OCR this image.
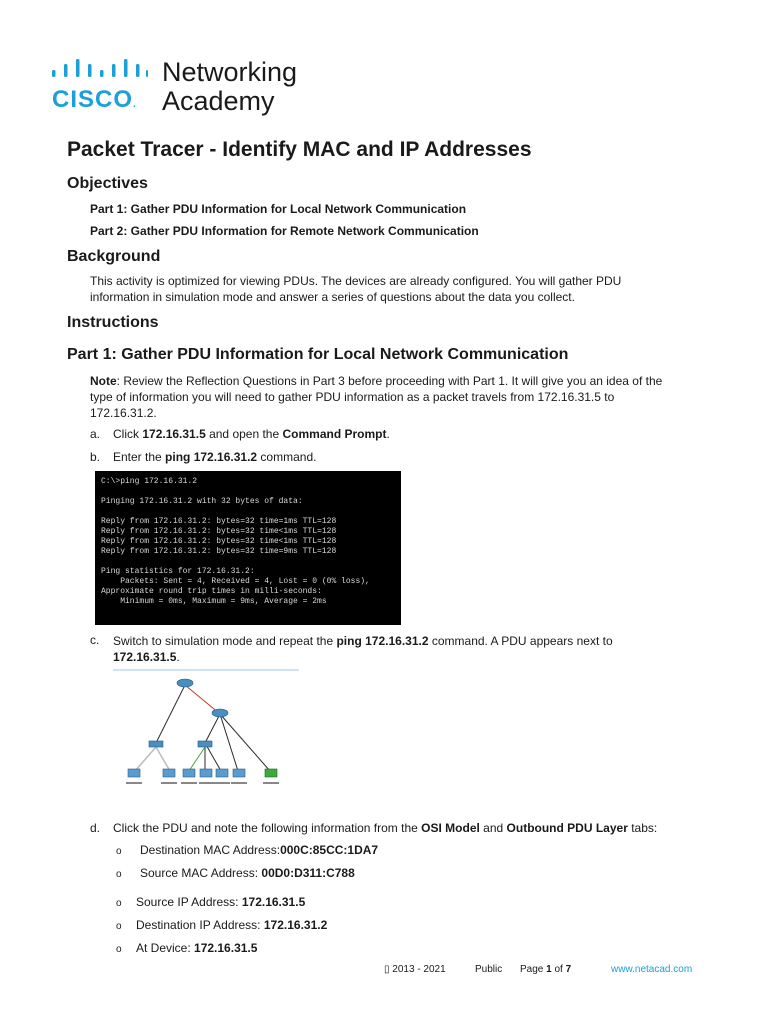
CISCO.
Networking
Academy
Packet Tracer - Identify MAC and IP Addresses
Objectives
Part 1: Gather PDU Information for Local Network Communication
Part 2: Gather PDU Information for Remote Network Communication
Background
This activity is optimized for viewing PDUs. The devices are already configured. You will gather PDU
information in simulation mode and answer a series of questions about the data you collect.
Instructions
Part 1: Gather PDU Information for Local Network Communication
Note: Review the Reflection Questions in Part 3 before proceeding with Part 1. It will give you an idea of the
type of information you will need to gather PDU information as a packet travels from 172.16.31.5 to
172.16.31.2.
a. Click 172.16.31.5 and open the Command Prompt.
b. Enter the ping 172.16.31.2 command.
C:\>ping 172.16.31.2
Pinging 172.16.31.2 with 32 bytes of data:
Reply from 172.16.31.2: bytes=32 time=1ms TTL=128
Reply from 172.16.31.2: bytes=32 time<1ms TTL=128
Reply from 172.16.31.2: bytes=32 time<1ms TTL=128
Reply from 172.16.31.2: bytes=32 time=9ms TTL=128
Ping statistics for 172.16.31.2:
Packets: Sent = 4, Received = 4, Lost = 0 (0% loss),
Approximate round trip times in milli-seconds:
Minimum = 0ms, Maximum = 9ms, Average = 2ms
c. Switch to simulation mode and repeat the ping 172.16.31.2 command. A PDU appears next to
172.16.31.5.
d. Click the PDU and note the following information from the OSI Model and Outbound PDU Layer tabs:
o Destination MAC Address:000C:85CC:1DA7
o Source MAC Address: 00D0:D311:C788
o Source IP Address: 172.16.31.5
o Destination IP Address: 172.16.31.2
o At Device: 172.16.31.5
▯ 2013 - 2021	Public Page 1 of 7	www.netacad.com
